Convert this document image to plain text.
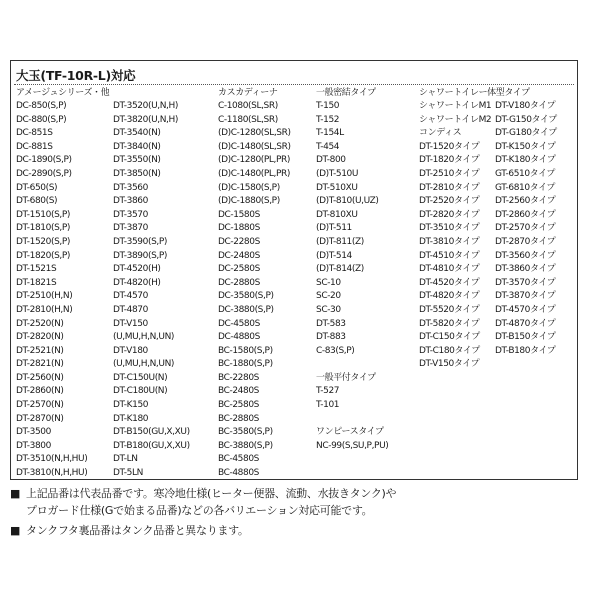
大玉(TF-10R-L)対応
アメージュシリーズ・他
DC-850(S,P)
DC-880(S,P)
DC-851S
DC-881S
DC-1890(S,P)
DC-2890(S,P)
DT-650(S)
DT-680(S)
DT-1510(S,P)
DT-1810(S,P)
DT-1520(S,P)
DT-1820(S,P)
DT-1521S
DT-1821S
DT-2510(H,N)
DT-2810(H,N)
DT-2520(N)
DT-2820(N)
DT-2521(N)
DT-2821(N)
DT-2560(N)
DT-2860(N)
DT-2570(N)
DT-2870(N)
DT-3500
DT-3800
DT-3510(N,H,HU)
DT-3810(N,H,HU)
DT-3520(U,N,H)
DT-3820(U,N,H)
DT-3540(N)
DT-3840(N)
DT-3550(N)
DT-3850(N)
DT-3560
DT-3860
DT-3570
DT-3870
DT-3590(S,P)
DT-3890(S,P)
DT-4520(H)
DT-4820(H)
DT-4570
DT-4870
DT-V150
(U,MU,H,N,UN)
DT-V180
(U,MU,H,N,UN)
DT-C150U(N)
DT-C180U(N)
DT-K150
DT-K180
DT-B150(GU,X,XU)
DT-B180(GU,X,XU)
DT-LN
DT-5LN
カスカディーナ
C-1080(SL,SR)
C-1180(SL,SR)
(D)C-1280(SL,SR)
(D)C-1480(SL,SR)
(D)C-1280(PL,PR)
(D)C-1480(PL,PR)
(D)C-1580(S,P)
(D)C-1880(S,P)
DC-1580S
DC-1880S
DC-2280S
DC-2480S
DC-2580S
DC-2880S
DC-3580(S,P)
DC-3880(S,P)
DC-4580S
DC-4880S
BC-1580(S,P)
BC-1880(S,P)
BC-2280S
BC-2480S
BC-2580S
BC-2880S
BC-3580(S,P)
BC-3880(S,P)
BC-4580S
BC-4880S
一般密結タイプ
T-150
T-152
T-154L
T-454
DT-800
(D)T-510U
DT-510XU
(D)T-810(U,UZ)
DT-810XU
(D)T-511
(D)T-811(Z)
(D)T-514
(D)T-814(Z)
SC-10
SC-20
SC-30
DT-583
DT-883
C-83(S,P)
一般平付タイプ
T-527
T-101
ワンピースタイプ
NC-99(S,SU,P,PU)
シャワートイレー体型タイプ
シャワートイレM1
シャワートイレM2
コンディス
DT-1520タイプ
DT-1820タイプ
DT-2510タイプ
DT-2810タイプ
DT-2520タイプ
DT-2820タイプ
DT-3510タイプ
DT-3810タイプ
DT-4510タイプ
DT-4810タイプ
DT-4520タイプ
DT-4820タイプ
DT-5520タイプ
DT-5820タイプ
DT-C150タイプ
DT-C180タイプ
DT-V150タイプ
DT-V180タイプ
DT-G150タイプ
DT-G180タイプ
DT-K150タイプ
DT-K180タイプ
GT-6510タイプ
GT-6810タイプ
DT-2560タイプ
DT-2860タイプ
DT-2570タイプ
DT-2870タイプ
DT-3560タイプ
DT-3860タイプ
DT-3570タイプ
DT-3870タイプ
DT-4570タイプ
DT-4870タイプ
DT-B150タイプ
DT-B180タイプ
■ 上記品番は代表品番です。寒冷地仕様(ヒーター便器、流動、水抜きタンク)や
プロガード仕様(Gで始まる品番)などの各バリエーション対応可能です。
■ タンクフタ裏品番はタンク品番と異なります。
